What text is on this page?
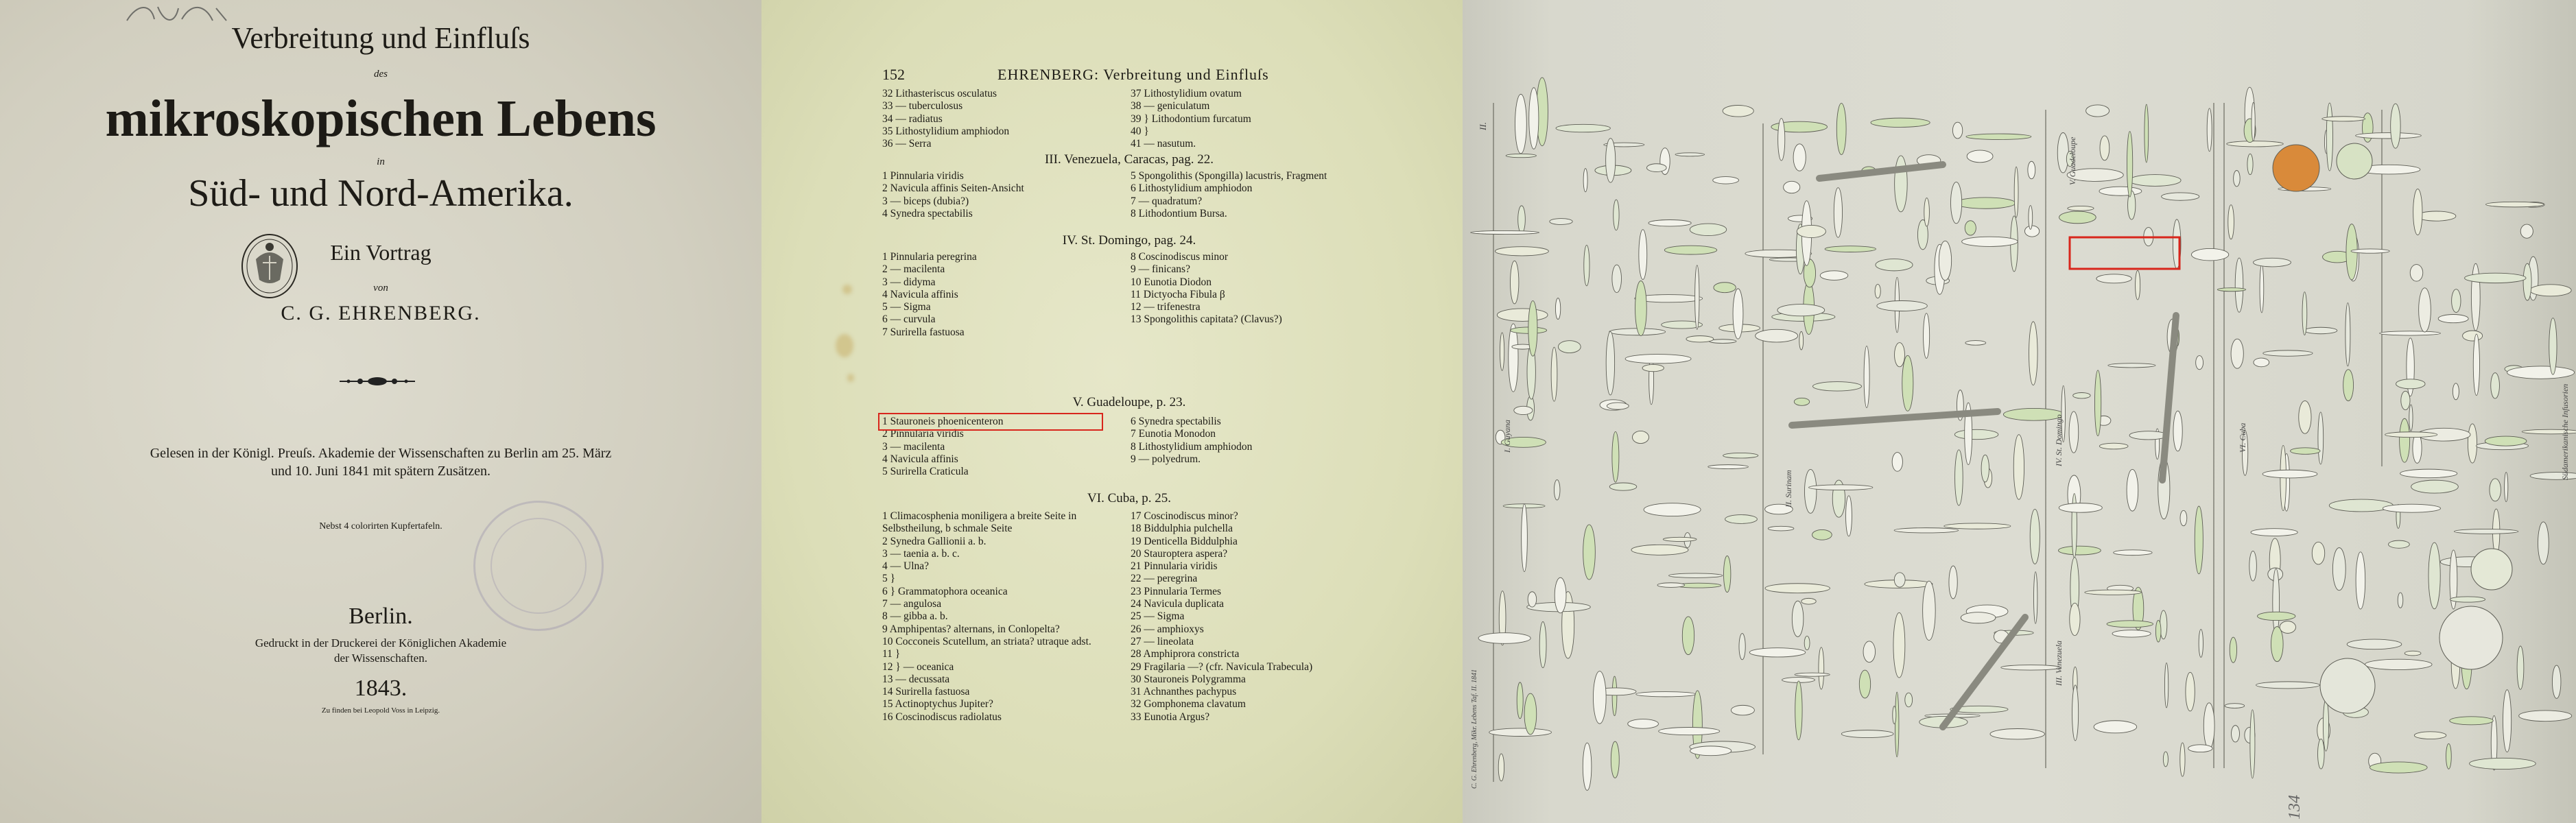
Verbreitung und Einfluſs
des
mikroskopischen Lebens
in
Süd- und Nord-Amerika.
Ein Vortrag
von
C. G. EHRENBERG.
Gelesen in der Königl. Preuſs. Akademie der Wissenschaften zu Berlin am 25. März
und 10. Juni 1841 mit spätern Zusätzen.
Nebst 4 colorirten Kupfertafeln.
Berlin.
Gedruckt in der Druckerei der Königlichen Akademie
der Wissenschaften.
1843.
Zu finden bei Leopold Voss in Leipzig.
152	EHRENBERG: Verbreitung und Einfluſs
32 Lithasteriscus osculatus
33 — tuberculosus
34 — radiatus
35 Lithostylidium amphiodon
36 — Serra
37 Lithostylidium ovatum
38 — geniculatum
39 } Lithodontium furcatum
40 }
41 — nasutum.
III. Venezuela, Caracas, pag. 22.
1 Pinnularia viridis
2 Navicula affinis Seiten-Ansicht
3 — biceps (dubia?)
4 Synedra spectabilis
5 Spongolithis (Spongilla) lacustris, Fragment
6 Lithostylidium amphiodon
7 — quadratum?
8 Lithodontium Bursa.
IV. St. Domingo, pag. 24.
1 Pinnularia peregrina
2 — macilenta
3 — didyma
4 Navicula affinis
5 — Sigma
6 — curvula
7 Surirella fastuosa
8 Coscinodiscus minor
9 — finicans?
10 Eunotia Diodon
11 Dictyocha Fibula β
12 — trifenestra
13 Spongolithis capitata? (Clavus?)
V. Guadeloupe, p. 23.
1 Stauroneis phoenicenteron
2 Pinnularia viridis
3 — macilenta
4 Navicula affinis
5 Surirella Craticula
6 Synedra spectabilis
7 Eunotia Monodon
8 Lithostylidium amphiodon
9 — polyedrum.
VI. Cuba, p. 25.
1 Climacosphenia moniligera a breite Seite in
Selbstheilung, b schmale Seite
2 Synedra Gallionii a. b.
3 — taenia a. b. c.
4 — Ulna?
5 }
6 } Grammatophora oceanica
7 — angulosa
8 — gibba a. b.
9 Amphipentas? alternans, in Conlopelta?
10 Cocconeis Scutellum, an striata? utraque adst.
11 }
12 } — oceanica
13 — decussata
14 Surirella fastuosa
15 Actinoptychus Jupiter?
16 Coscinodiscus radiolatus
17 Coscinodiscus minor?
18 Biddulphia pulchella
19 Denticella Biddulphia
20 Stauroptera aspera?
21 Pinnularia viridis
22 — peregrina
23 Pinnularia Termes
24 Navicula duplicata
25 — Sigma
26 — amphioxys
27 — lineolata
28 Amphiprora constricta
29 Fragilaria —? (cfr. Navicula Trabecula)
30 Stauroneis Polygramma
31 Achnanthes pachypus
32 Gomphonema clavatum
33 Eunotia Argus?
I. Guyana
II. Surinam
III. Venezuela
IV. St. Domingo
V. Guadeloupe
VI. Cuba	Südamerikanische Infusorien
C. G. Ehrenberg, Mikr. Lebens Taf. II. 1841
II.
134
